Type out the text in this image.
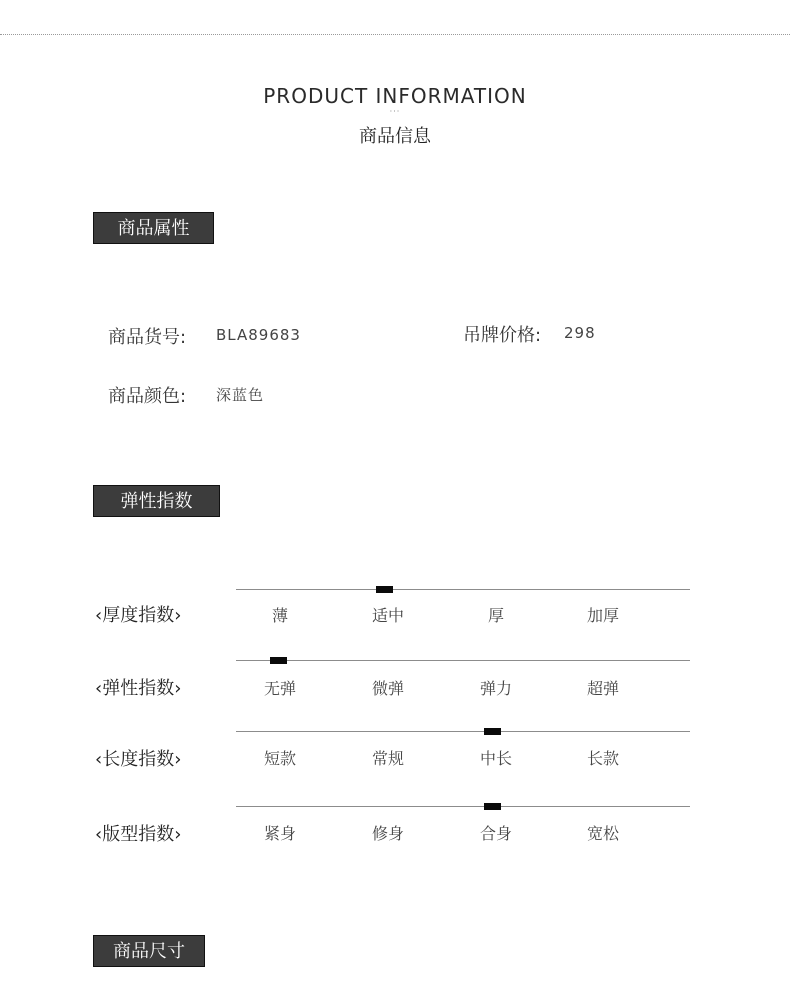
PRODUCT INFORMATION
···
商品信息
商品属性
商品货号: BLA89683	吊牌价格: 298
商品颜色: 深蓝色
弹性指数
‹厚度指数›	薄	适中	厚	加厚
‹弹性指数›	无弹	微弹	弹力	超弹
‹长度指数›	短款	常规	中长	长款
‹版型指数›	紧身	修身	合身	宽松
商品尺寸
